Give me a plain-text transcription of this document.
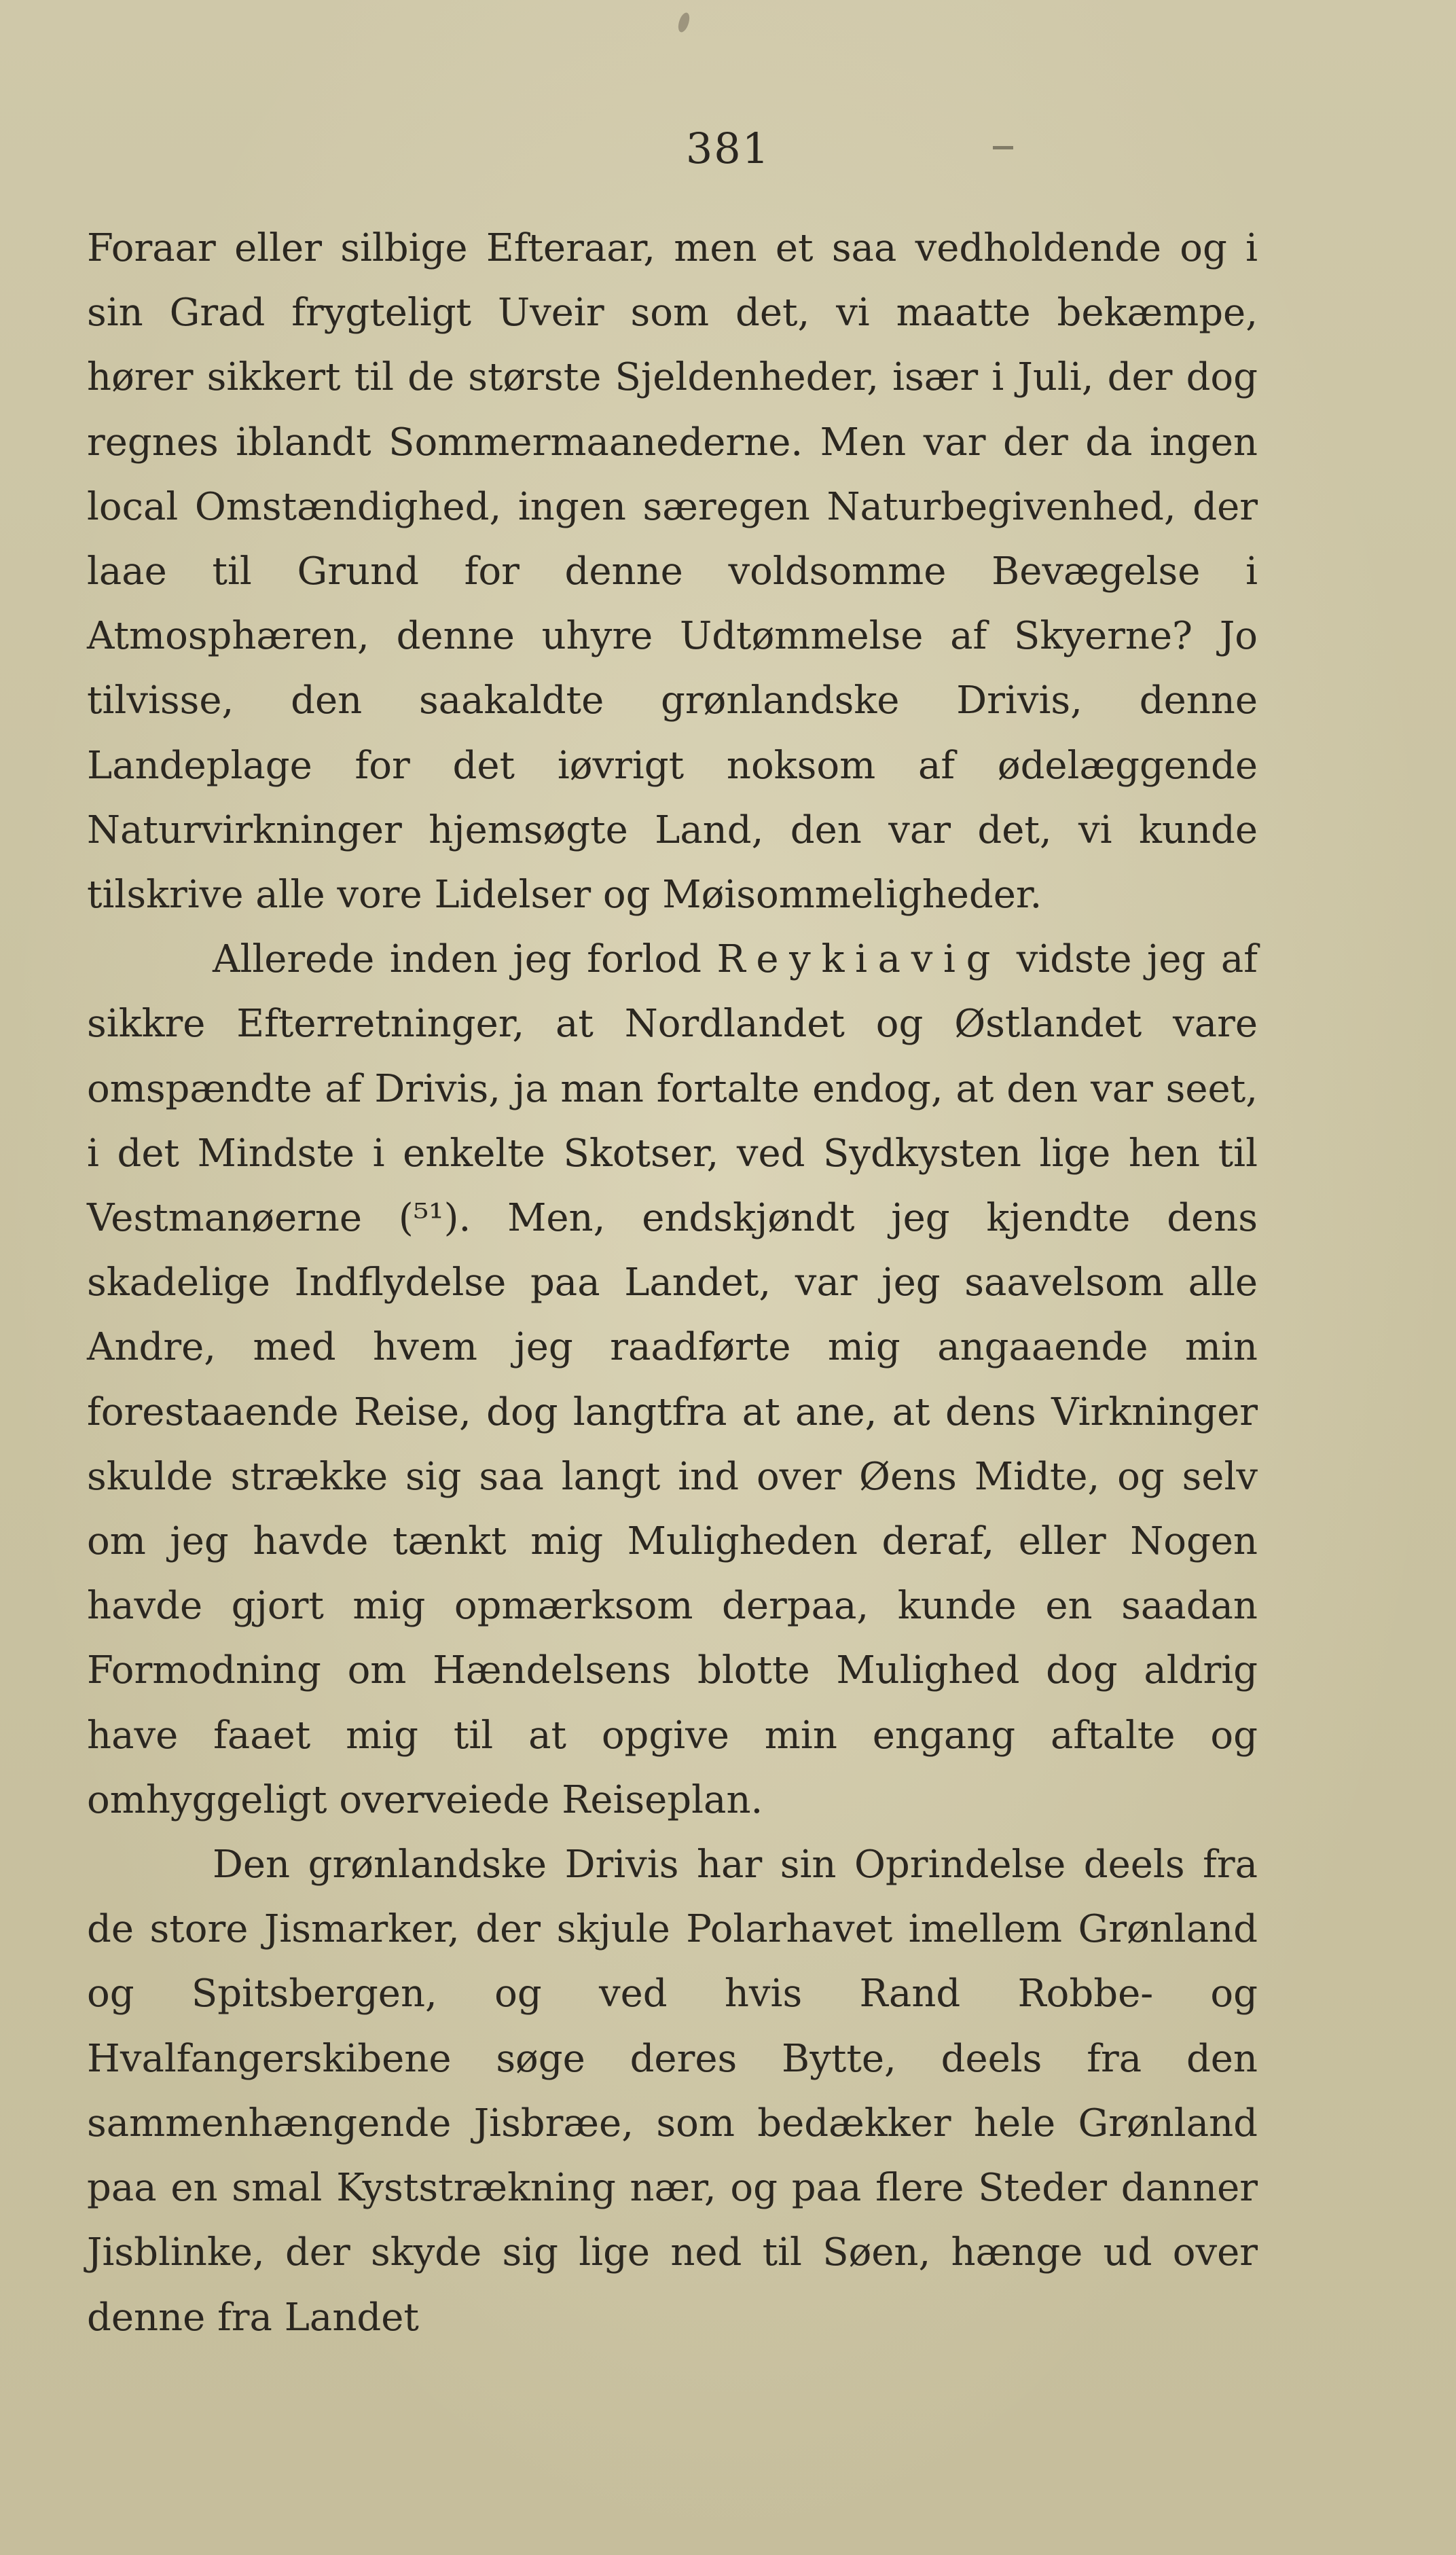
381

Foraar eller silbige Efteraar, men et saa vedholdende og i sin Grad frygteligt Uveir som det, vi maatte bekæmpe, hører sikkert til de største Sjeldenheder, især i Juli, der dog regnes iblandt Sommermaanederne. Men var der da ingen local Omstændighed, ingen særegen Naturbegivenhed, der laae til Grund for denne voldsomme Bevægelse i Atmosphæren, denne uhyre Udtømmelse af Skyerne? Jo tilvisse, den saakaldte grønlandske Drivis, denne Landeplage for det iøvrigt noksom af ødelæggende Naturvirkninger hjemsøgte Land, den var det, vi kunde tilskrive alle vore Lidelser og Møisommeligheder.

Allerede inden jeg forlod Reykiavig vidste jeg af sikkre Efterretninger, at Nordlandet og Østlandet vare omspændte af Drivis, ja man fortalte endog, at den var seet, i det Mindste i enkelte Skotser, ved Sydkysten lige hen til Vestmanøerne (⁵¹). Men, endskjøndt jeg kjendte dens skadelige Indflydelse paa Landet, var jeg saavelsom alle Andre, med hvem jeg raadførte mig angaaende min forestaaende Reise, dog langtfra at ane, at dens Virkninger skulde strække sig saa langt ind over Øens Midte, og selv om jeg havde tænkt mig Muligheden deraf, eller Nogen havde gjort mig opmærksom derpaa, kunde en saadan Formodning om Hændelsens blotte Mulighed dog aldrig have faaet mig til at opgive min engang aftalte og omhyggeligt overveiede Reiseplan.

Den grønlandske Drivis har sin Oprindelse deels fra de store Jismarker, der skjule Polarhavet imellem Grønland og Spitsbergen, og ved hvis Rand Robbe- og Hvalfangerskibene søge deres Bytte, deels fra den sammenhængende Jisbræe, som bedækker hele Grønland paa en smal Kyststrækning nær, og paa flere Steder danner Jisblinke, der skyde sig lige ned til Søen, hænge ud over denne fra Landet
